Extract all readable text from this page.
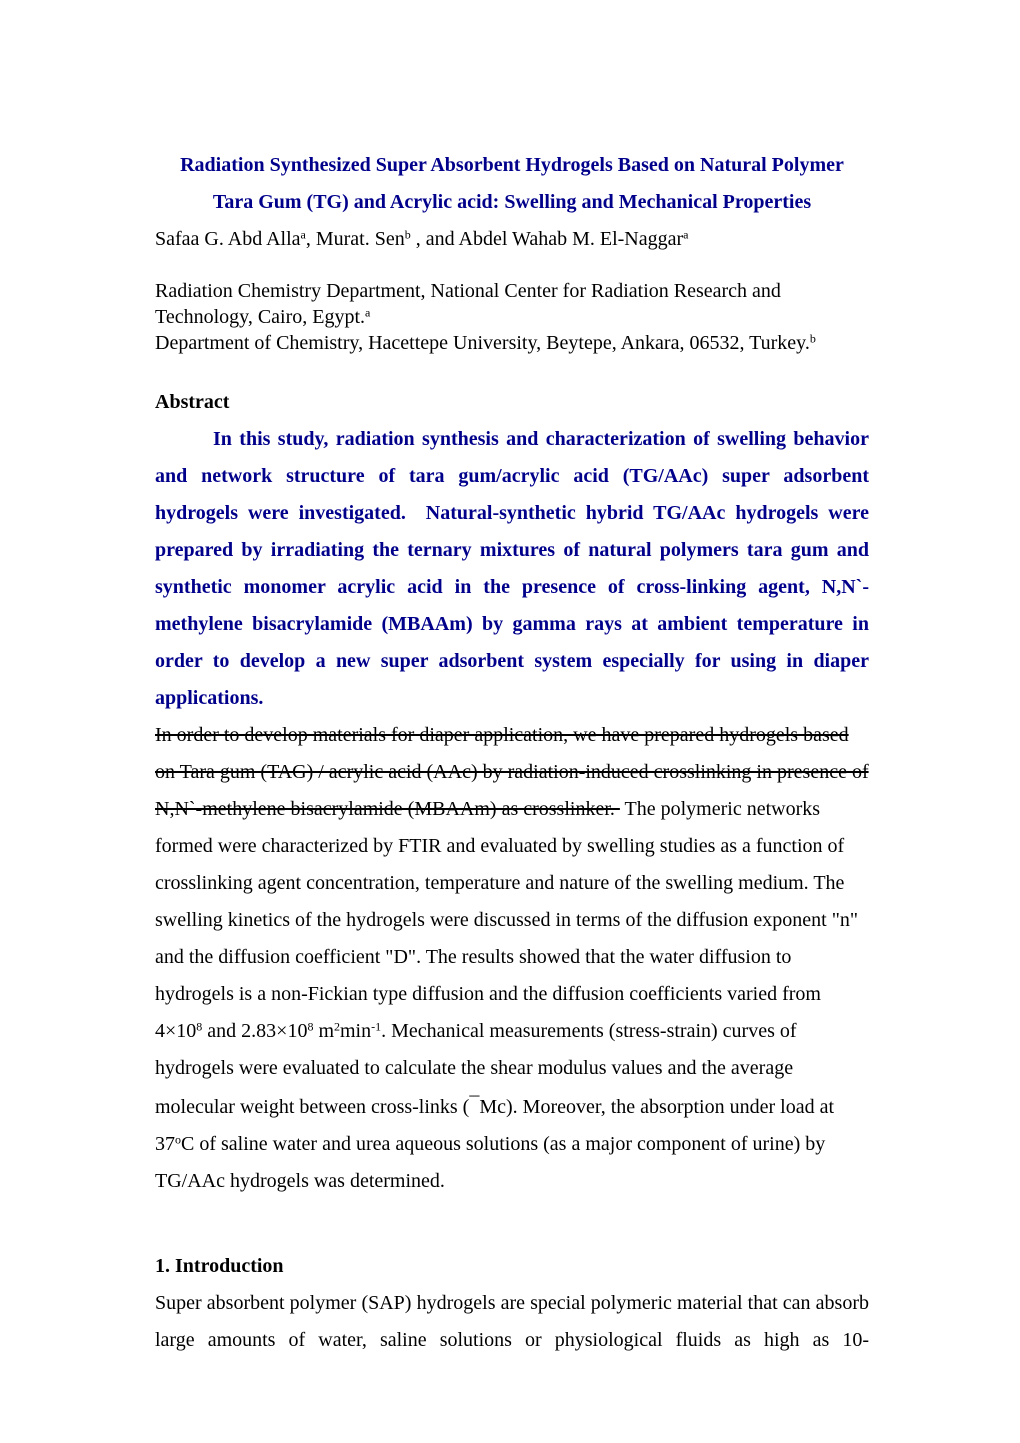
Radiation Synthesized Super Absorbent Hydrogels Based on Natural Polymer
Tara Gum (TG) and Acrylic acid: Swelling and Mechanical Properties
Safaa G. Abd Alla$^a$, Murat. Sen$^b$ , and Abdel Wahab M. El-Naggar$^a$
Radiation Chemistry Department, National Center for Radiation Research and Technology, Cairo, Egypt.$^a$
Department of Chemistry, Hacettepe University, Beytepe, Ankara, 06532, Turkey.$^b$
Abstract
In this study, radiation synthesis and characterization of swelling behavior and network structure of tara gum/acrylic acid (TG/AAc) super adsorbent hydrogels were investigated.  Natural-synthetic hybrid TG/AAc hydrogels were prepared by irradiating the ternary mixtures of natural polymers tara gum and synthetic monomer acrylic acid in the presence of cross-linking agent, N,N`-methylene bisacrylamide (MBAAm) by gamma rays at ambient temperature in order to develop a new super adsorbent system especially for using in diaper applications.
In order to develop materials for diaper application, we have prepared hydrogels based on Tara gum (TAG) / acrylic acid (AAc) by radiation-induced crosslinking in presence of N,N`-methylene bisacrylamide (MBAAm) as crosslinker.  The polymeric networks formed were characterized by FTIR and evaluated by swelling studies as a function of crosslinking agent concentration, temperature and nature of the swelling medium. The swelling kinetics of the hydrogels were discussed in terms of the diffusion exponent "n" and the diffusion coefficient "D". The results showed that the water diffusion to hydrogels is a non-Fickian type diffusion and the diffusion coefficients varied from $4\times 10^8$ and $2.83\times 10^8$ $m^2\min^{-1}$. Mechanical measurements (stress-strain) curves of hydrogels were evaluated to calculate the shear modulus values and the average molecular weight between cross-links (¯Mc). Moreover, the absorption under load at 37$^o$C of saline water and urea aqueous solutions (as a major component of urine) by TG/AAc hydrogels was determined.
1. Introduction
Super absorbent polymer (SAP) hydrogels are special polymeric material that can absorb large amounts of water, saline solutions or physiological fluids as high as 10-
